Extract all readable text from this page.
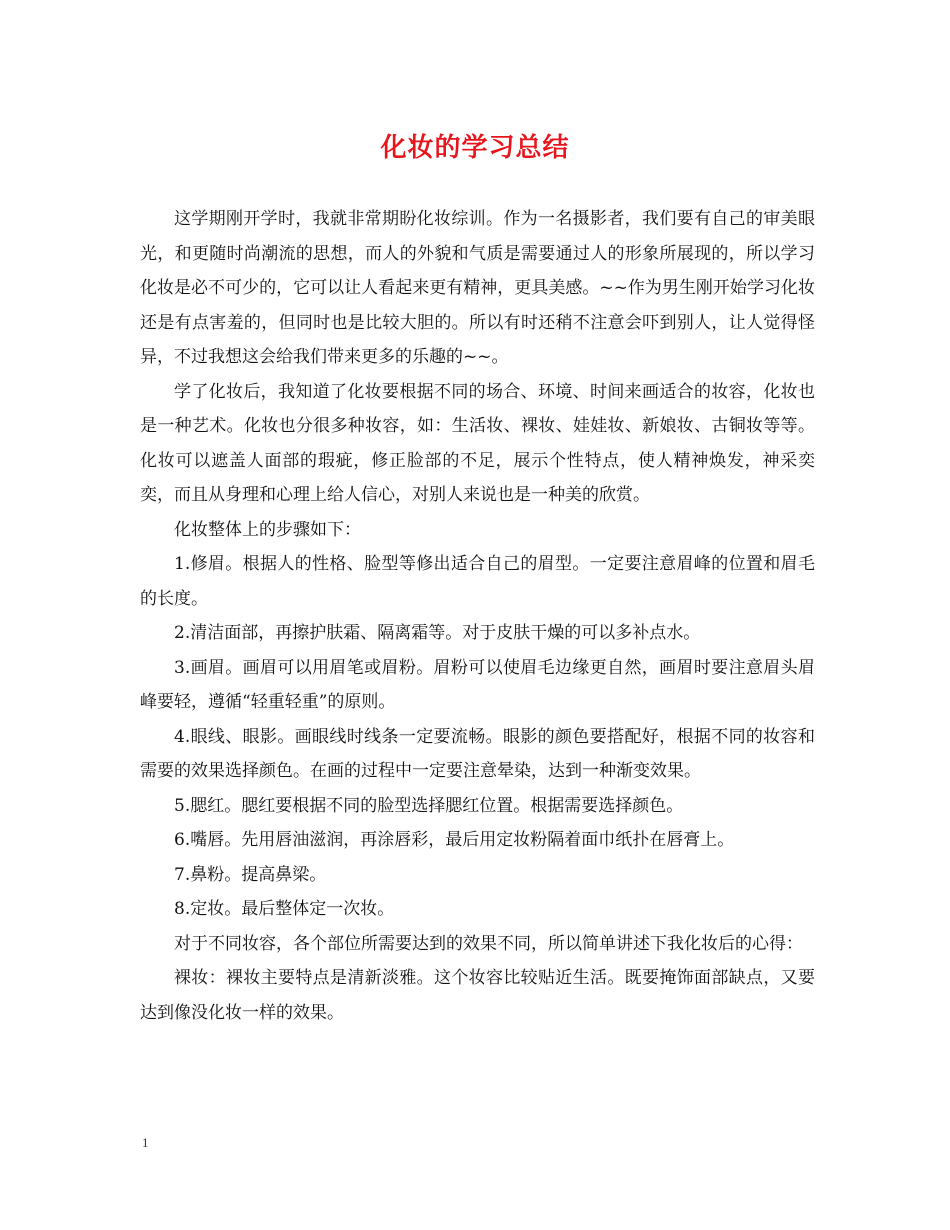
化妆的学习总结

这学期刚开学时，我就非常期盼化妆综训。作为一名摄影者，我们要有自己的审美眼光，和更随时尚潮流的思想，而人的外貌和气质是需要通过人的形象所展现的，所以学习化妆是必不可少的，它可以让人看起来更有精神，更具美感。~~作为男生刚开始学习化妆还是有点害羞的，但同时也是比较大胆的。所以有时还稍不注意会吓到别人，让人觉得怪异，不过我想这会给我们带来更多的乐趣的~~。

学了化妆后，我知道了化妆要根据不同的场合、环境、时间来画适合的妆容，化妆也是一种艺术。化妆也分很多种妆容，如：生活妆、裸妆、娃娃妆、新娘妆、古铜妆等等。化妆可以遮盖人面部的瑕疵，修正脸部的不足，展示个性特点，使人精神焕发，神采奕奕，而且从身理和心理上给人信心，对别人来说也是一种美的欣赏。

化妆整体上的步骤如下：

1.修眉。根据人的性格、脸型等修出适合自己的眉型。一定要注意眉峰的位置和眉毛的长度。

2.清洁面部，再擦护肤霜、隔离霜等。对于皮肤干燥的可以多补点水。

3.画眉。画眉可以用眉笔或眉粉。眉粉可以使眉毛边缘更自然，画眉时要注意眉头眉峰要轻，遵循“轻重轻重”的原则。

4.眼线、眼影。画眼线时线条一定要流畅。眼影的颜色要搭配好，根据不同的妆容和需要的效果选择颜色。在画的过程中一定要注意晕染，达到一种渐变效果。

5.腮红。腮红要根据不同的脸型选择腮红位置。根据需要选择颜色。

6.嘴唇。先用唇油滋润，再涂唇彩，最后用定妆粉隔着面巾纸扑在唇膏上。

7.鼻粉。提高鼻梁。

8.定妆。最后整体定一次妆。

对于不同妆容，各个部位所需要达到的效果不同，所以简单讲述下我化妆后的心得：

裸妆：裸妆主要特点是清新淡雅。这个妆容比较贴近生活。既要掩饰面部缺点，又要达到像没化妆一样的效果。

1
